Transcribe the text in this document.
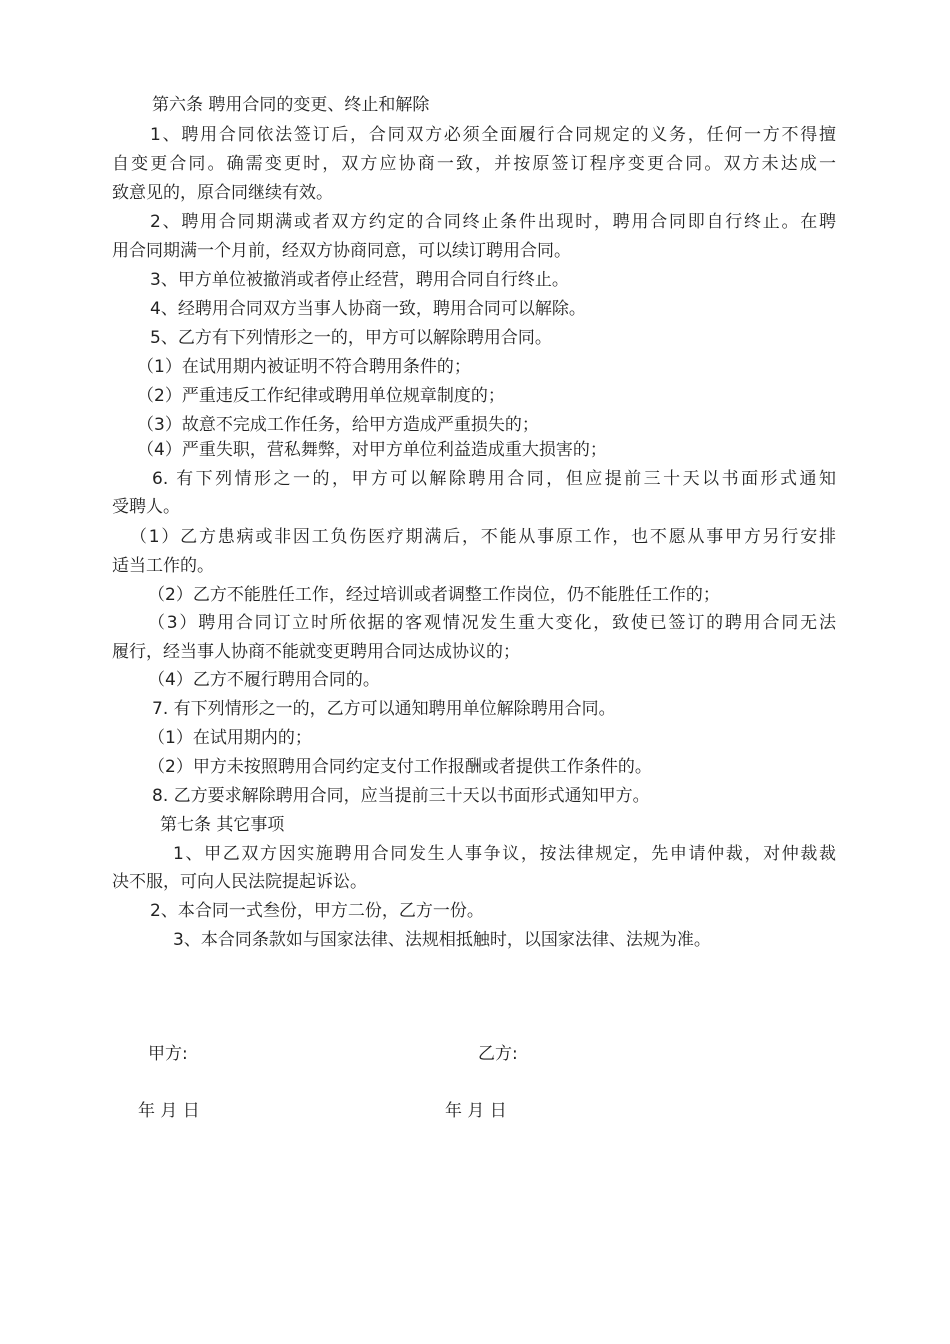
第六条 聘用合同的变更、终止和解除
1、聘用合同依法签订后，合同双方必须全面履行合同规定的义务，任何一方不得擅
自变更合同。确需变更时，双方应协商一致，并按原签订程序变更合同。双方未达成一
致意见的，原合同继续有效。
2、聘用合同期满或者双方约定的合同终止条件出现时，聘用合同即自行终止。在聘
用合同期满一个月前，经双方协商同意，可以续订聘用合同。
3、甲方单位被撤消或者停止经营，聘用合同自行终止。
4、经聘用合同双方当事人协商一致，聘用合同可以解除。
5、乙方有下列情形之一的，甲方可以解除聘用合同。
（1）在试用期内被证明不符合聘用条件的；
（2）严重违反工作纪律或聘用单位规章制度的；
（3）故意不完成工作任务，给甲方造成严重损失的；
（4）严重失职，营私舞弊，对甲方单位利益造成重大损害的；
6. 有下列情形之一的，甲方可以解除聘用合同，但应提前三十天以书面形式通知
受聘人。
（1）乙方患病或非因工负伤医疗期满后，不能从事原工作，也不愿从事甲方另行安排
适当工作的。
（2）乙方不能胜任工作，经过培训或者调整工作岗位，仍不能胜任工作的；
（3）聘用合同订立时所依据的客观情况发生重大变化，致使已签订的聘用合同无法
履行，经当事人协商不能就变更聘用合同达成协议的；
（4）乙方不履行聘用合同的。
7. 有下列情形之一的，乙方可以通知聘用单位解除聘用合同。
（1）在试用期内的；
（2）甲方未按照聘用合同约定支付工作报酬或者提供工作条件的。
8. 乙方要求解除聘用合同，应当提前三十天以书面形式通知甲方。
第七条 其它事项
1、甲乙双方因实施聘用合同发生人事争议，按法律规定，先申请仲裁，对仲裁裁
决不服，可向人民法院提起诉讼。
2、本合同一式叁份，甲方二份，乙方一份。
3、本合同条款如与国家法律、法规相抵触时，以国家法律、法规为准。
甲方:	乙方:
年 月 日	年 月 日
